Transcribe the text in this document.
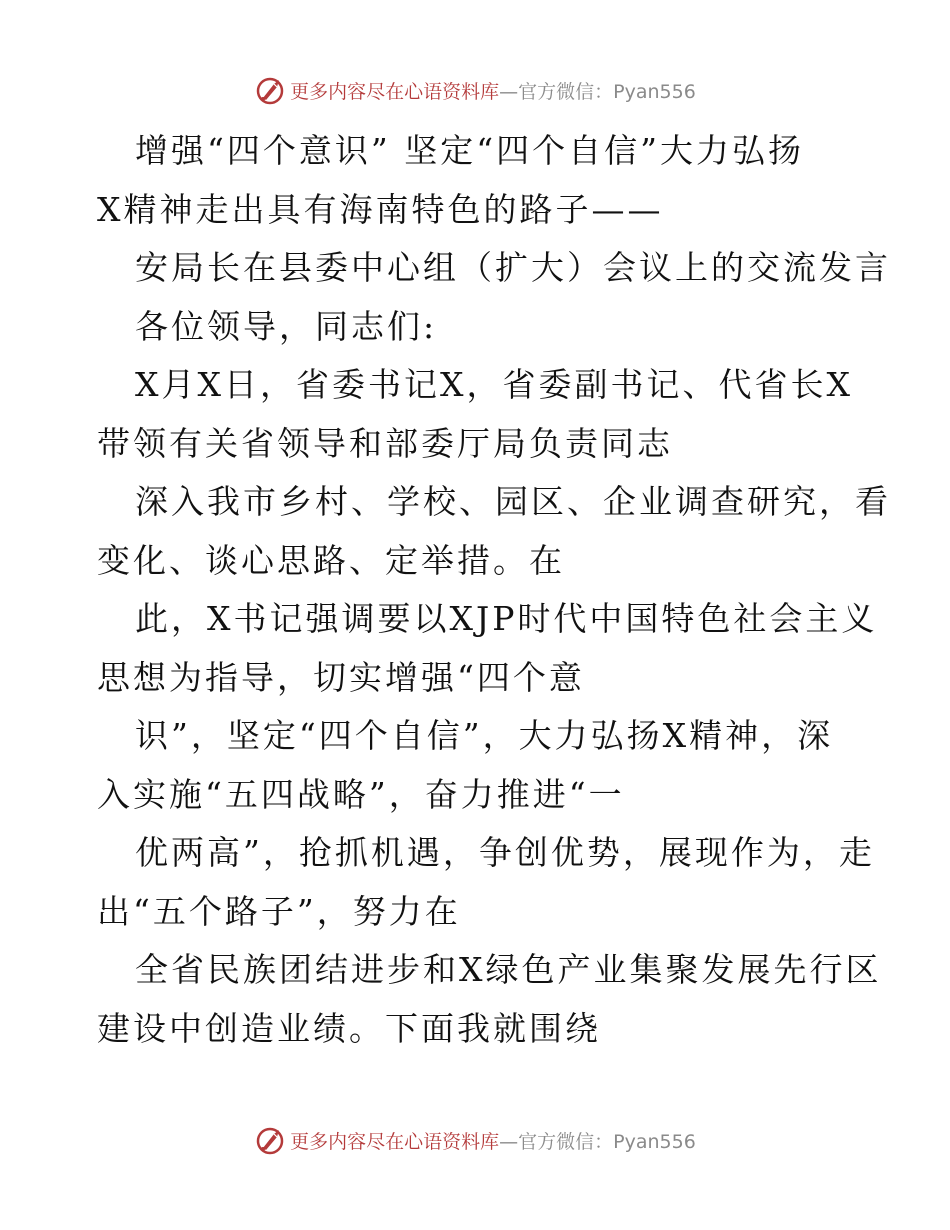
更多内容尽在心语资料库—官方微信：Pyan556
增强“四个意识” 坚定“四个自信”大力弘扬
X精神走出具有海南特色的路子——
安局长在县委中心组（扩大）会议上的交流发言
各位领导，同志们:
X月X日，省委书记X，省委副书记、代省长X
带领有关省领导和部委厅局负责同志
深入我市乡村、学校、园区、企业调查研究，看
变化、谈心思路、定举措。在
此，X书记强调要以XJP时代中国特色社会主义
思想为指导，切实增强“四个意
识”，坚定“四个自信”，大力弘扬X精神，深
入实施“五四战略”，奋力推进“一
优两高”，抢抓机遇，争创优势，展现作为，走
出“五个路子”，努力在
全省民族团结进步和X绿色产业集聚发展先行区
建设中创造业绩。下面我就围绕
更多内容尽在心语资料库—官方微信：Pyan556
